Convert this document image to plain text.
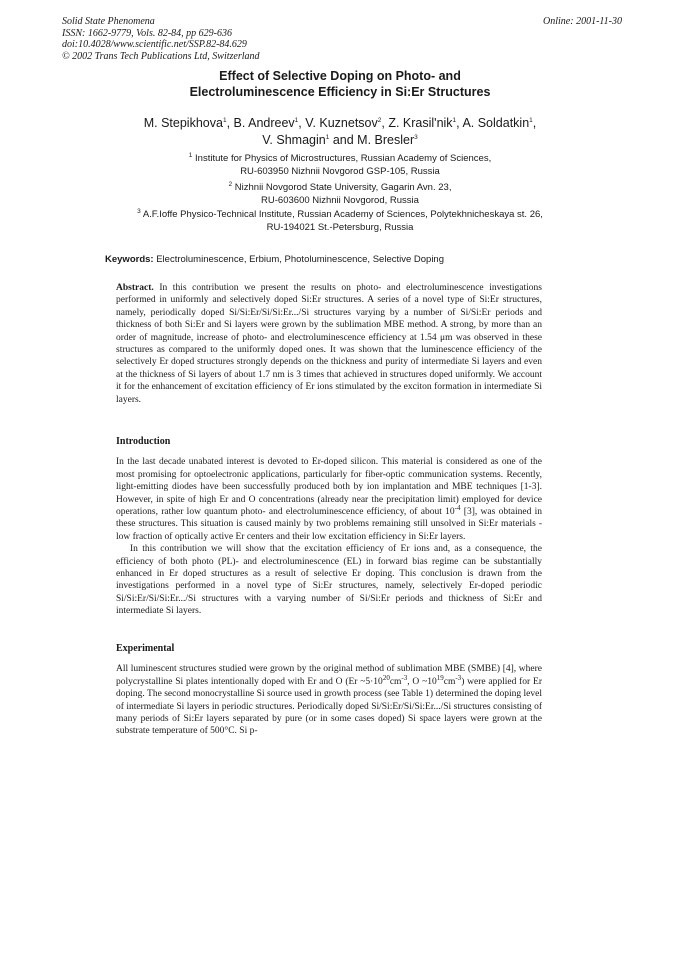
Solid State Phenomena
ISSN: 1662-9779, Vols. 82-84, pp 629-636
doi:10.4028/www.scientific.net/SSP.82-84.629
© 2002 Trans Tech Publications Ltd, Switzerland
Online: 2001-11-30
Effect of Selective Doping on Photo- and
Electroluminescence Efficiency in Si:Er Structures
M. Stepikhova$^1$, B. Andreev$^1$, V. Kuznetsov$^2$, Z. Krasil'nik$^1$, A. Soldatkin$^1$,
V. Shmagin$^1$ and M. Bresler$^3$
$^1$ Institute for Physics of Microstructures, Russian Academy of Sciences,
RU-603950 Nizhnii Novgorod GSP-105, Russia
$^2$ Nizhnii Novgorod State University, Gagarin Avn. 23,
RU-603600 Nizhnii Novgorod, Russia
$^3$ A.F.Ioffe Physico-Technical Institute, Russian Academy of Sciences, Polytekhnicheskaya st. 26,
RU-194021 St.-Petersburg, Russia
Keywords: Electroluminescence, Erbium, Photoluminescence, Selective Doping
Abstract. In this contribution we present the results on photo- and electroluminescence investigations performed in uniformly and selectively doped Si:Er structures. A series of a novel type of Si:Er structures, namely, periodically doped Si/Si:Er/Si/Si:Er.../Si structures varying by a number of Si/Si:Er periods and thickness of both Si:Er and Si layers were grown by the sublimation MBE method. A strong, by more than an order of magnitude, increase of photo- and electroluminescence efficiency at 1.54 μm was observed in these structures as compared to the uniformly doped ones. It was shown that the luminescence efficiency of the selectively Er doped structures strongly depends on the thickness and purity of intermediate Si layers and even at the thickness of Si layers of about 1.7 nm is 3 times that achieved in structures doped uniformly. We account it for the enhancement of excitation efficiency of Er ions stimulated by the exciton formation in intermediate Si layers.
Introduction

In the last decade unabated interest is devoted to Er-doped silicon. This material is considered as one of the most promising for optoelectronic applications, particularly for fiber-optic communication systems. Recently, light-emitting diodes have been successfully produced both by ion implantation and MBE techniques [1-3]. However, in spite of high Er and O concentrations (already near the precipitation limit) employed for device operations, rather low quantum photo- and electroluminescence efficiency, of about $10^{-4}$ [3], was obtained in these structures. This situation is caused mainly by two problems remaining still unsolved in Si:Er materials - low fraction of optically active Er centers and their low excitation efficiency in Si:Er layers.

In this contribution we will show that the excitation efficiency of Er ions and, as a consequence, the efficiency of both photo (PL)- and electroluminescence (EL) in forward bias regime can be substantially enhanced in Er doped structures as a result of selective Er doping. This conclusion is drawn from the investigations performed in a novel type of Si:Er structures, namely, selectively Er-doped periodic Si/Si:Er/Si/Si:Er.../Si structures with a varying number of Si/Si:Er periods and thickness of Si:Er and intermediate Si layers.

Experimental

All luminescent structures studied were grown by the original method of sublimation MBE (SMBE) [4], where polycrystalline Si plates intentionally doped with Er and O (Er $\sim 5\cdot 10^{20}cm^{-3}$, O $\sim 10^{19}cm^{-3}$) were applied for Er doping. The second monocrystalline Si source used in growth process (see Table 1) determined the doping level of intermediate Si layers in periodic structures. Periodically doped Si/Si:Er/Si/Si:Er.../Si structures consisting of many periods of Si:Er layers separated by pure (or in some cases doped) Si space layers were grown at the substrate temperature of 500°C. Si p-
